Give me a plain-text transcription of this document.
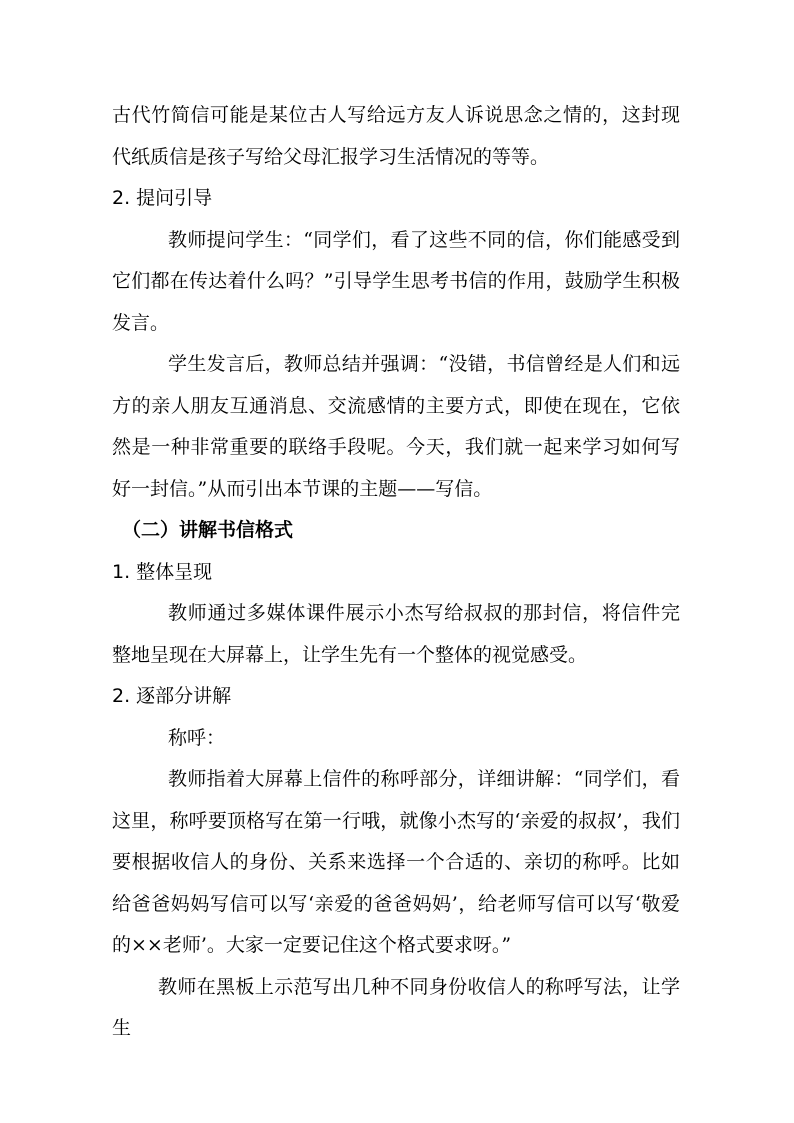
古代竹简信可能是某位古人写给远方友人诉说思念之情的，这封现代纸质信是孩子写给父母汇报学习生活情况的等等。

2. 提问引导

教师提问学生：“同学们，看了这些不同的信，你们能感受到它们都在传达着什么吗？”引导学生思考书信的作用，鼓励学生积极发言。

学生发言后，教师总结并强调：“没错，书信曾经是人们和远方的亲人朋友互通消息、交流感情的主要方式，即使在现在，它依然是一种非常重要的联络手段呢。今天，我们就一起来学习如何写好一封信。”从而引出本节课的主题——写信。

（二）讲解书信格式

1. 整体呈现

教师通过多媒体课件展示小杰写给叔叔的那封信，将信件完整地呈现在大屏幕上，让学生先有一个整体的视觉感受。

2. 逐部分讲解

称呼：

教师指着大屏幕上信件的称呼部分，详细讲解：“同学们，看这里，称呼要顶格写在第一行哦，就像小杰写的‘亲爱的叔叔’，我们要根据收信人的身份、关系来选择一个合适的、亲切的称呼。比如给爸爸妈妈写信可以写‘亲爱的爸爸妈妈’，给老师写信可以写‘敬爱的××老师’。大家一定要记住这个格式要求呀。”

教师在黑板上示范写出几种不同身份收信人的称呼写法，让学生
